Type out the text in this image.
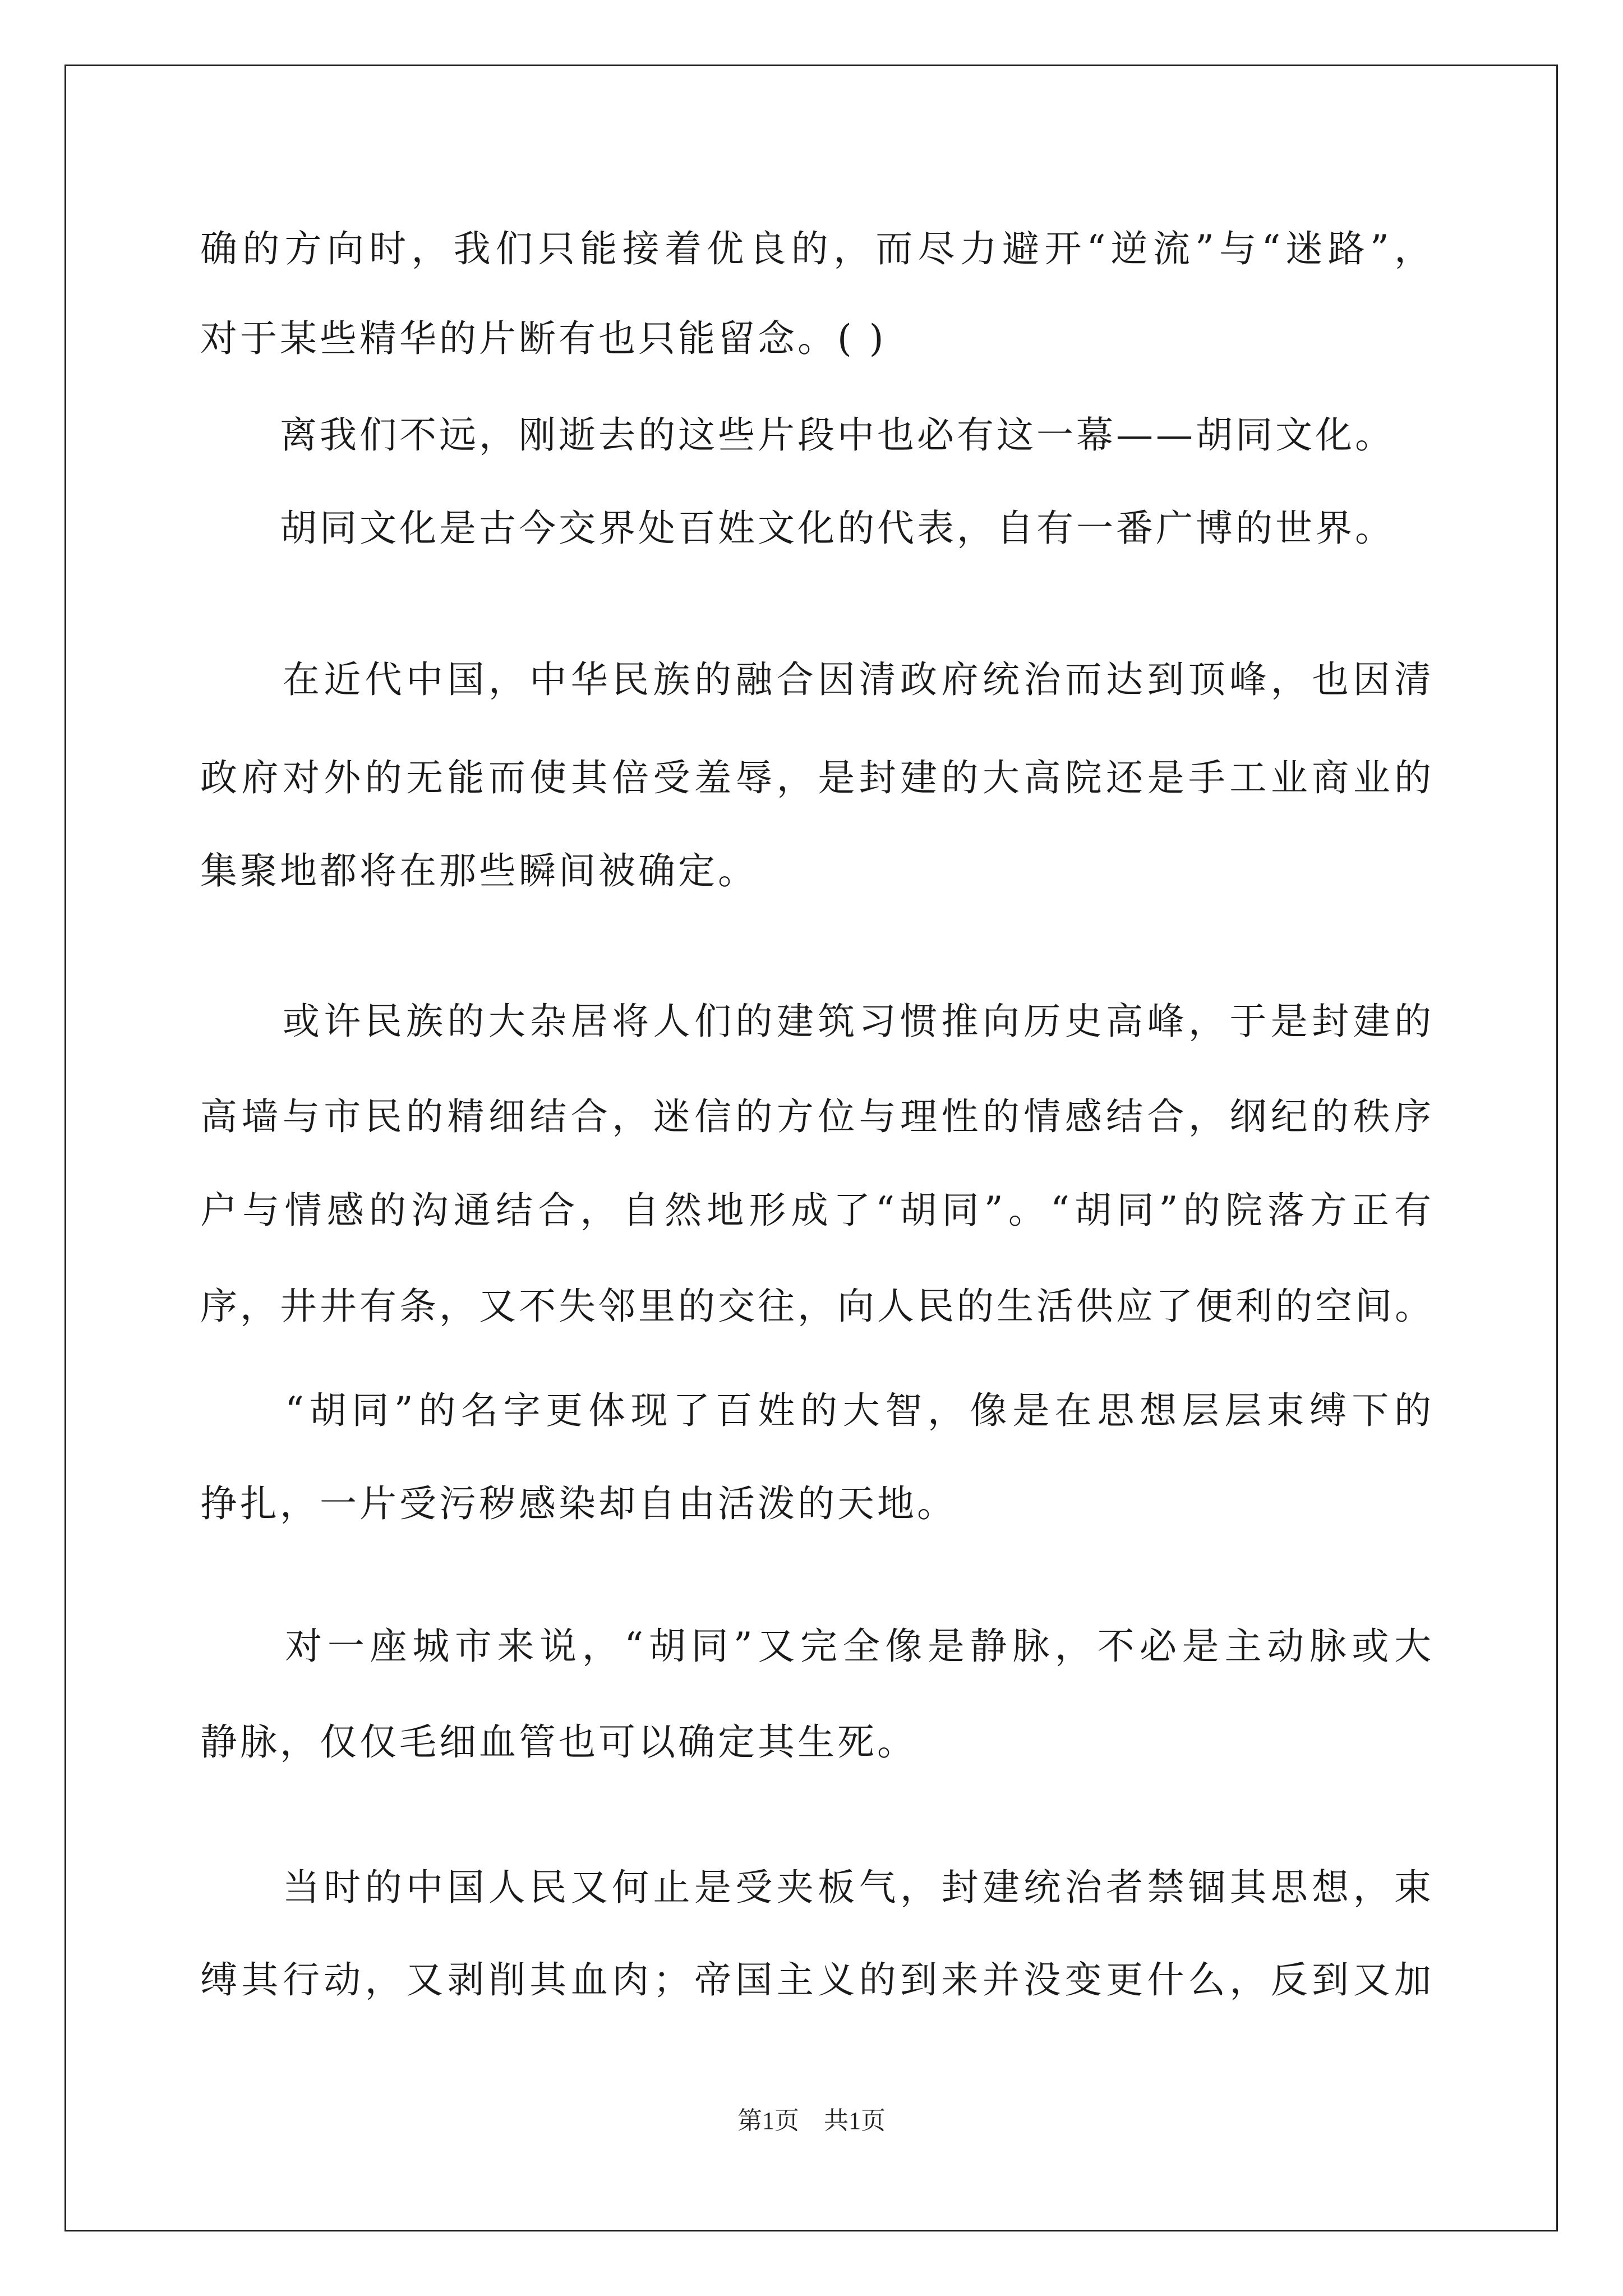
确的方向时，我们只能接着优良的，而尽力避开“逆流”与“迷路”，
对于某些精华的片断有也只能留念。( )
　　离我们不远，刚逝去的这些片段中也必有这一幕——胡同文化。
　　胡同文化是古今交界处百姓文化的代表，自有一番广博的世界。
　　在近代中国，中华民族的融合因清政府统治而达到顶峰，也因清
政府对外的无能而使其倍受羞辱，是封建的大高院还是手工业商业的
集聚地都将在那些瞬间被确定。
　　或许民族的大杂居将人们的建筑习惯推向历史高峰，于是封建的
高墙与市民的精细结合，迷信的方位与理性的情感结合，纲纪的秩序
户与情感的沟通结合，自然地形成了“胡同”。“胡同”的院落方正有
序，井井有条，又不失邻里的交往，向人民的生活供应了便利的空间。
　　“胡同”的名字更体现了百姓的大智，像是在思想层层束缚下的
挣扎，一片受污秽感染却自由活泼的天地。
　　对一座城市来说，“胡同”又完全像是静脉，不必是主动脉或大
静脉，仅仅毛细血管也可以确定其生死。
　　当时的中国人民又何止是受夹板气，封建统治者禁锢其思想，束
缚其行动，又剥削其血肉；帝国主义的到来并没变更什么，反到又加
第1页　共1页
